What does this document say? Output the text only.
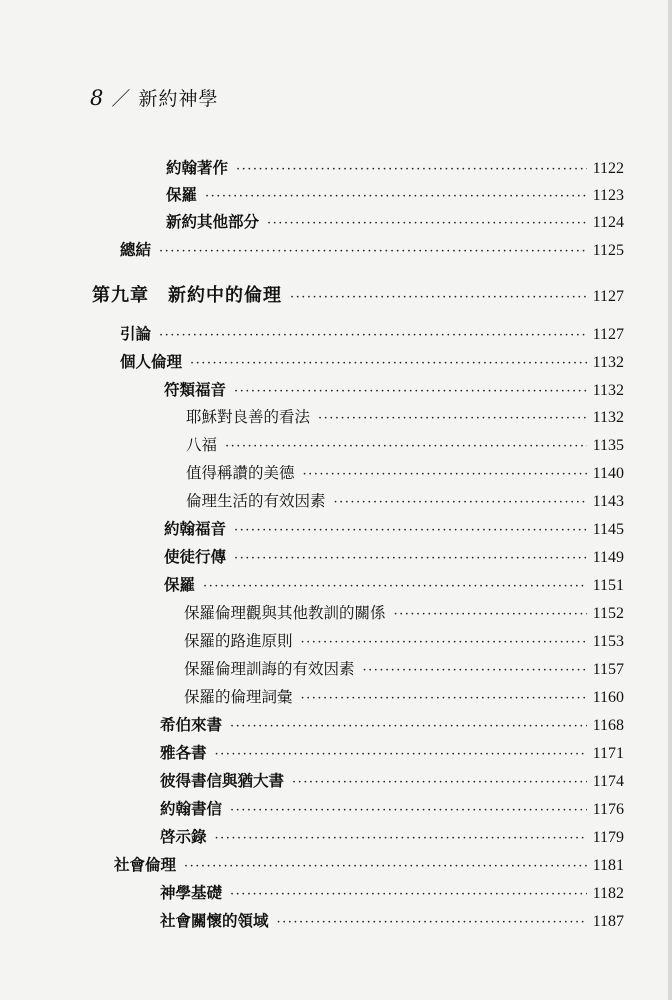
8 ／ 新約神學
約翰著作 ·····	1122
保羅 ·····	1123
新約其他部分 ·····	1124
總結 ·····	1125
第九章　新約中的倫理 ·····	1127
引論 ·····	1127
個人倫理 ·····	1132
符類福音 ·····	1132
耶穌對良善的看法 ·····	1132
八福 ·····	1135
值得稱讚的美德 ·····	1140
倫理生活的有效因素 ·····	1143
約翰福音 ·····	1145
使徒行傳 ·····	1149
保羅 ·····	1151
保羅倫理觀與其他教訓的關係 ·····	1152
保羅的路進原則 ·····	1153
保羅倫理訓誨的有效因素 ·····	1157
保羅的倫理詞彙 ·····	1160
希伯來書 ·····	1168
雅各書 ·····	1171
彼得書信與猶大書 ·····	1174
約翰書信 ·····	1176
啓示錄 ·····	1179
社會倫理 ·····	1181
神學基礎 ·····	1182
社會關懷的領域 ·····	1187
